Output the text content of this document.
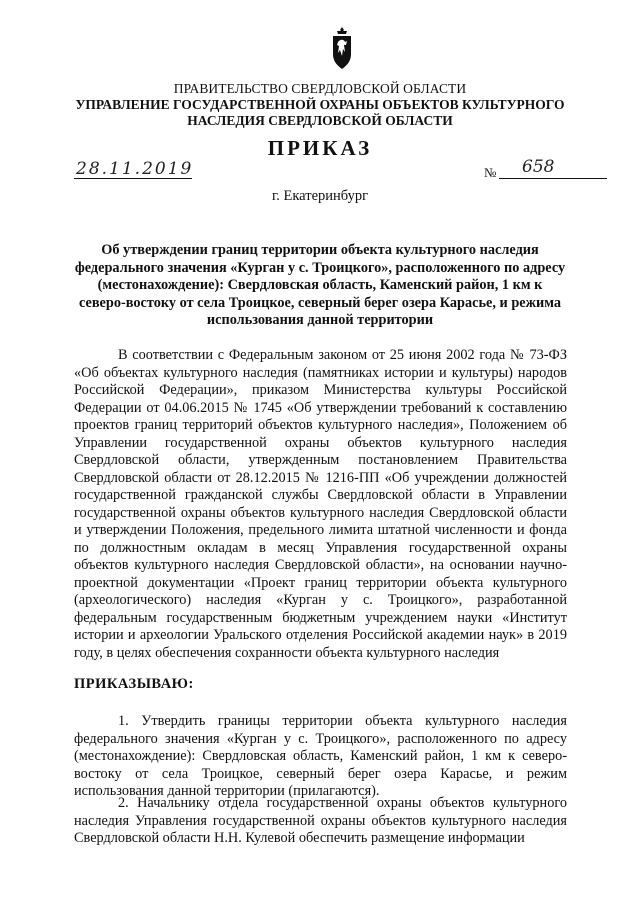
ПРАВИТЕЛЬСТВО СВЕРДЛОВСКОЙ ОБЛАСТИ
УПРАВЛЕНИЕ ГОСУДАРСТВЕННОЙ ОХРАНЫ ОБЪЕКТОВ КУЛЬТУРНОГО НАСЛЕДИЯ СВЕРДЛОВСКОЙ ОБЛАСТИ
ПРИКАЗ
28.11.2019	№ 658
г. Екатеринбург
Об утверждении границ территории объекта культурного наследия федерального значения «Курган у с. Троицкого», расположенного по адресу (местонахождение): Свердловская область, Каменский район, 1 км к северо-востоку от села Троицкое, северный берег озера Карасье, и режима использования данной территории
В соответствии с Федеральным законом от 25 июня 2002 года № 73-ФЗ «Об объектах культурного наследия (памятниках истории и культуры) народов Российской Федерации», приказом Министерства культуры Российской Федерации от 04.06.2015 № 1745 «Об утверждении требований к составлению проектов границ территорий объектов культурного наследия», Положением об Управлении государственной охраны объектов культурного наследия Свердловской области, утвержденным постановлением Правительства Свердловской области от 28.12.2015 № 1216-ПП «Об учреждении должностей государственной гражданской службы Свердловской области в Управлении государственной охраны объектов культурного наследия Свердловской области и утверждении Положения, предельного лимита штатной численности и фонда по должностным окладам в месяц Управления государственной охраны объектов культурного наследия Свердловской области», на основании научно-проектной документации «Проект границ территории объекта культурного (археологического) наследия «Курган у с. Троицкого», разработанной федеральным государственным бюджетным учреждением науки «Институт истории и археологии Уральского отделения Российской академии наук» в 2019 году, в целях обеспечения сохранности объекта культурного наследия
ПРИКАЗЫВАЮ:

1. Утвердить границы территории объекта культурного наследия федерального значения «Курган у с. Троицкого», расположенного по адресу (местонахождение): Свердловская область, Каменский район, 1 км к северо-востоку от села Троицкое, северный берег озера Карасье, и режим использования данной территории (прилагаются).

2. Начальнику отдела государственной охраны объектов культурного наследия Управления государственной охраны объектов культурного наследия Свердловской области Н.Н. Кулевой обеспечить размещение информации
